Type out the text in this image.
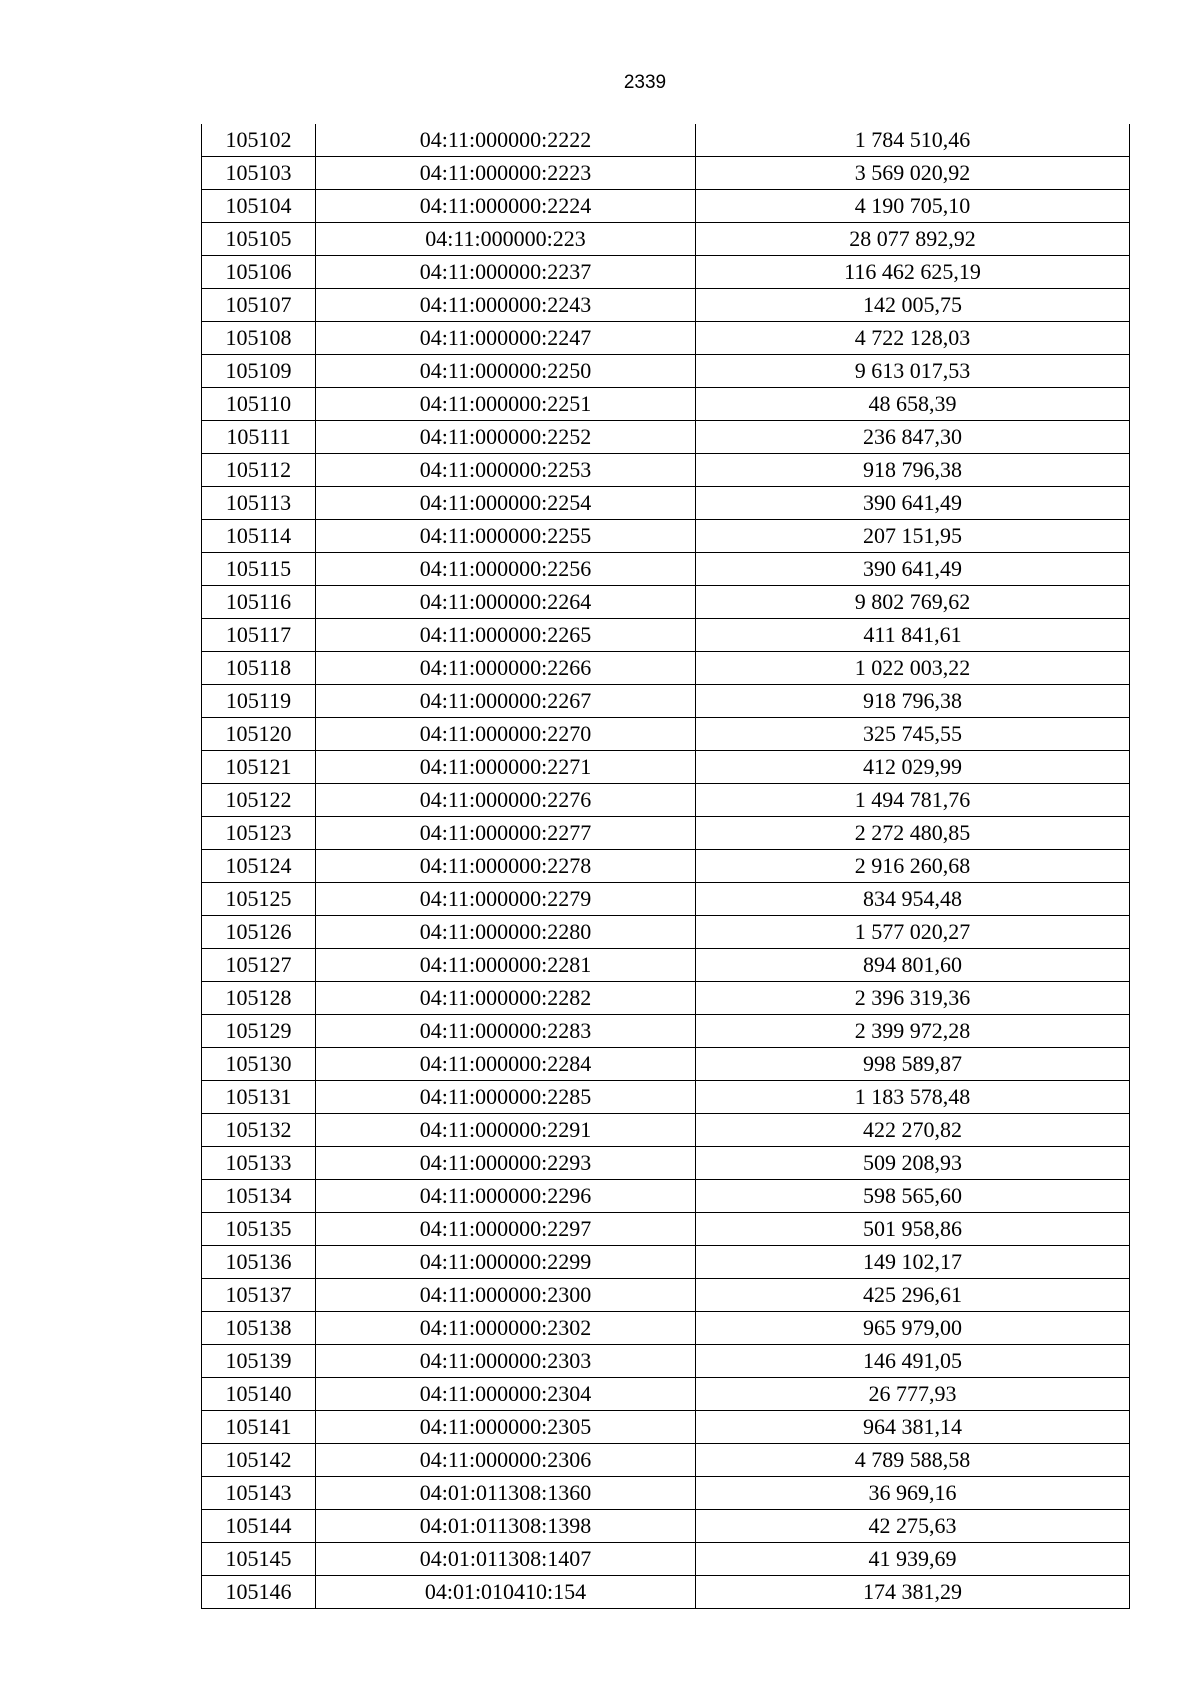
2339
105102	04:11:000000:2222	1 784 510,46
105103	04:11:000000:2223	3 569 020,92
105104	04:11:000000:2224	4 190 705,10
105105	04:11:000000:223	28 077 892,92
105106	04:11:000000:2237	116 462 625,19
105107	04:11:000000:2243	142 005,75
105108	04:11:000000:2247	4 722 128,03
105109	04:11:000000:2250	9 613 017,53
105110	04:11:000000:2251	48 658,39
105111	04:11:000000:2252	236 847,30
105112	04:11:000000:2253	918 796,38
105113	04:11:000000:2254	390 641,49
105114	04:11:000000:2255	207 151,95
105115	04:11:000000:2256	390 641,49
105116	04:11:000000:2264	9 802 769,62
105117	04:11:000000:2265	411 841,61
105118	04:11:000000:2266	1 022 003,22
105119	04:11:000000:2267	918 796,38
105120	04:11:000000:2270	325 745,55
105121	04:11:000000:2271	412 029,99
105122	04:11:000000:2276	1 494 781,76
105123	04:11:000000:2277	2 272 480,85
105124	04:11:000000:2278	2 916 260,68
105125	04:11:000000:2279	834 954,48
105126	04:11:000000:2280	1 577 020,27
105127	04:11:000000:2281	894 801,60
105128	04:11:000000:2282	2 396 319,36
105129	04:11:000000:2283	2 399 972,28
105130	04:11:000000:2284	998 589,87
105131	04:11:000000:2285	1 183 578,48
105132	04:11:000000:2291	422 270,82
105133	04:11:000000:2293	509 208,93
105134	04:11:000000:2296	598 565,60
105135	04:11:000000:2297	501 958,86
105136	04:11:000000:2299	149 102,17
105137	04:11:000000:2300	425 296,61
105138	04:11:000000:2302	965 979,00
105139	04:11:000000:2303	146 491,05
105140	04:11:000000:2304	26 777,93
105141	04:11:000000:2305	964 381,14
105142	04:11:000000:2306	4 789 588,58
105143	04:01:011308:1360	36 969,16
105144	04:01:011308:1398	42 275,63
105145	04:01:011308:1407	41 939,69
105146	04:01:010410:154	174 381,29
